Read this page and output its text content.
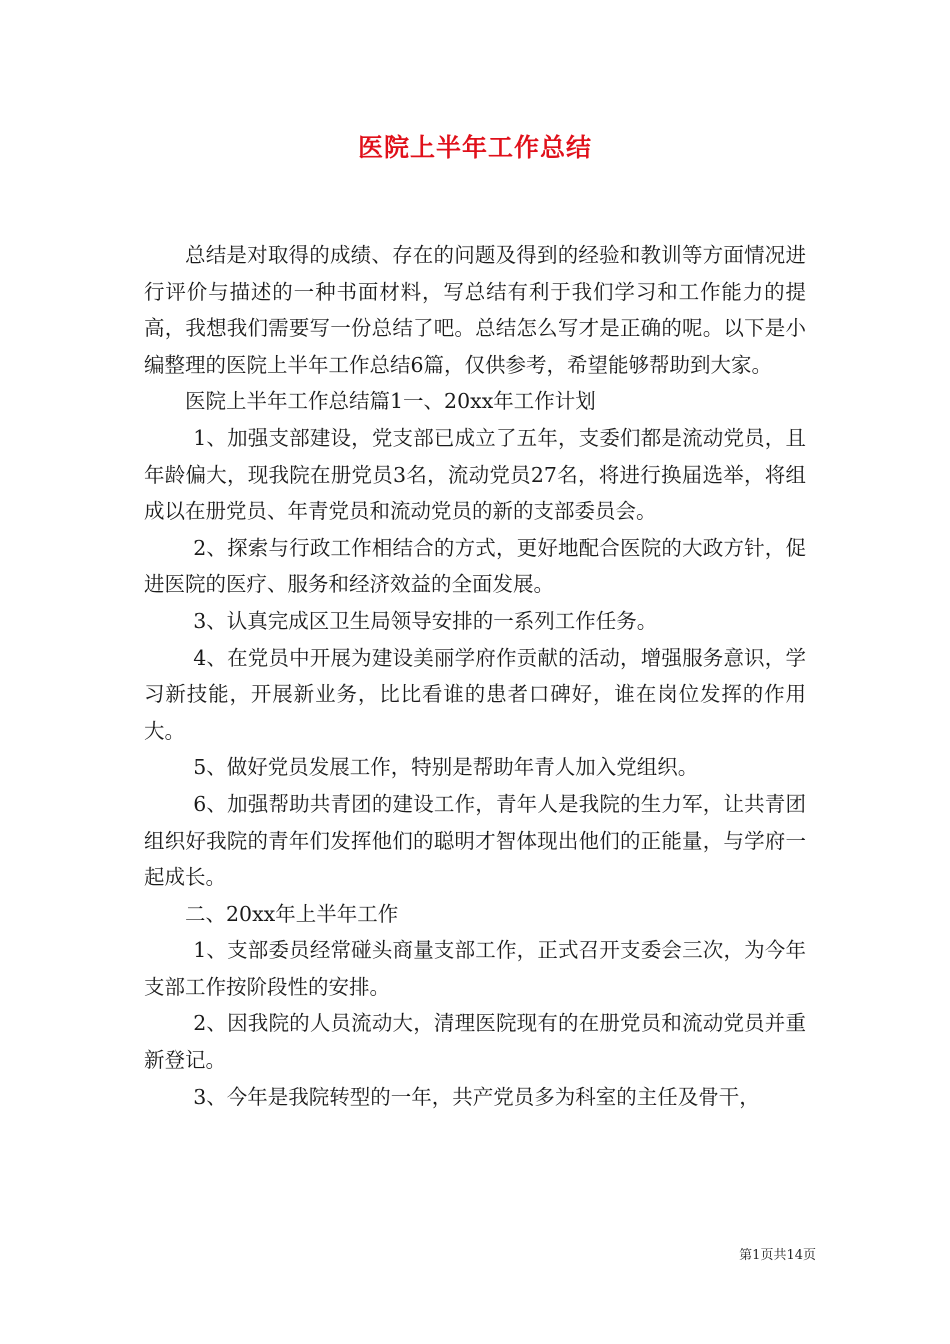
医院上半年工作总结

总结是对取得的成绩、存在的问题及得到的经验和教训等方面情况进行评价与描述的一种书面材料，写总结有利于我们学习和工作能力的提高，我想我们需要写一份总结了吧。总结怎么写才是正确的呢。以下是小编整理的医院上半年工作总结6篇，仅供参考，希望能够帮助到大家。

医院上半年工作总结篇1一、20xx年工作计划

1、加强支部建设，党支部已成立了五年，支委们都是流动党员，且年龄偏大，现我院在册党员3名，流动党员27名，将进行换届选举，将组成以在册党员、年青党员和流动党员的新的支部委员会。

2、探索与行政工作相结合的方式，更好地配合医院的大政方针，促进医院的医疗、服务和经济效益的全面发展。

3、认真完成区卫生局领导安排的一系列工作任务。

4、在党员中开展为建设美丽学府作贡献的活动，增强服务意识，学习新技能，开展新业务，比比看谁的患者口碑好，谁在岗位发挥的作用大。

5、做好党员发展工作，特别是帮助年青人加入党组织。

6、加强帮助共青团的建设工作，青年人是我院的生力军，让共青团组织好我院的青年们发挥他们的聪明才智体现出他们的正能量，与学府一起成长。

二、20xx年上半年工作

1、支部委员经常碰头商量支部工作，正式召开支委会三次，为今年支部工作按阶段性的安排。

2、因我院的人员流动大，清理医院现有的在册党员和流动党员并重新登记。

3、今年是我院转型的一年，共产党员多为科室的主任及骨干，

第1页共14页
